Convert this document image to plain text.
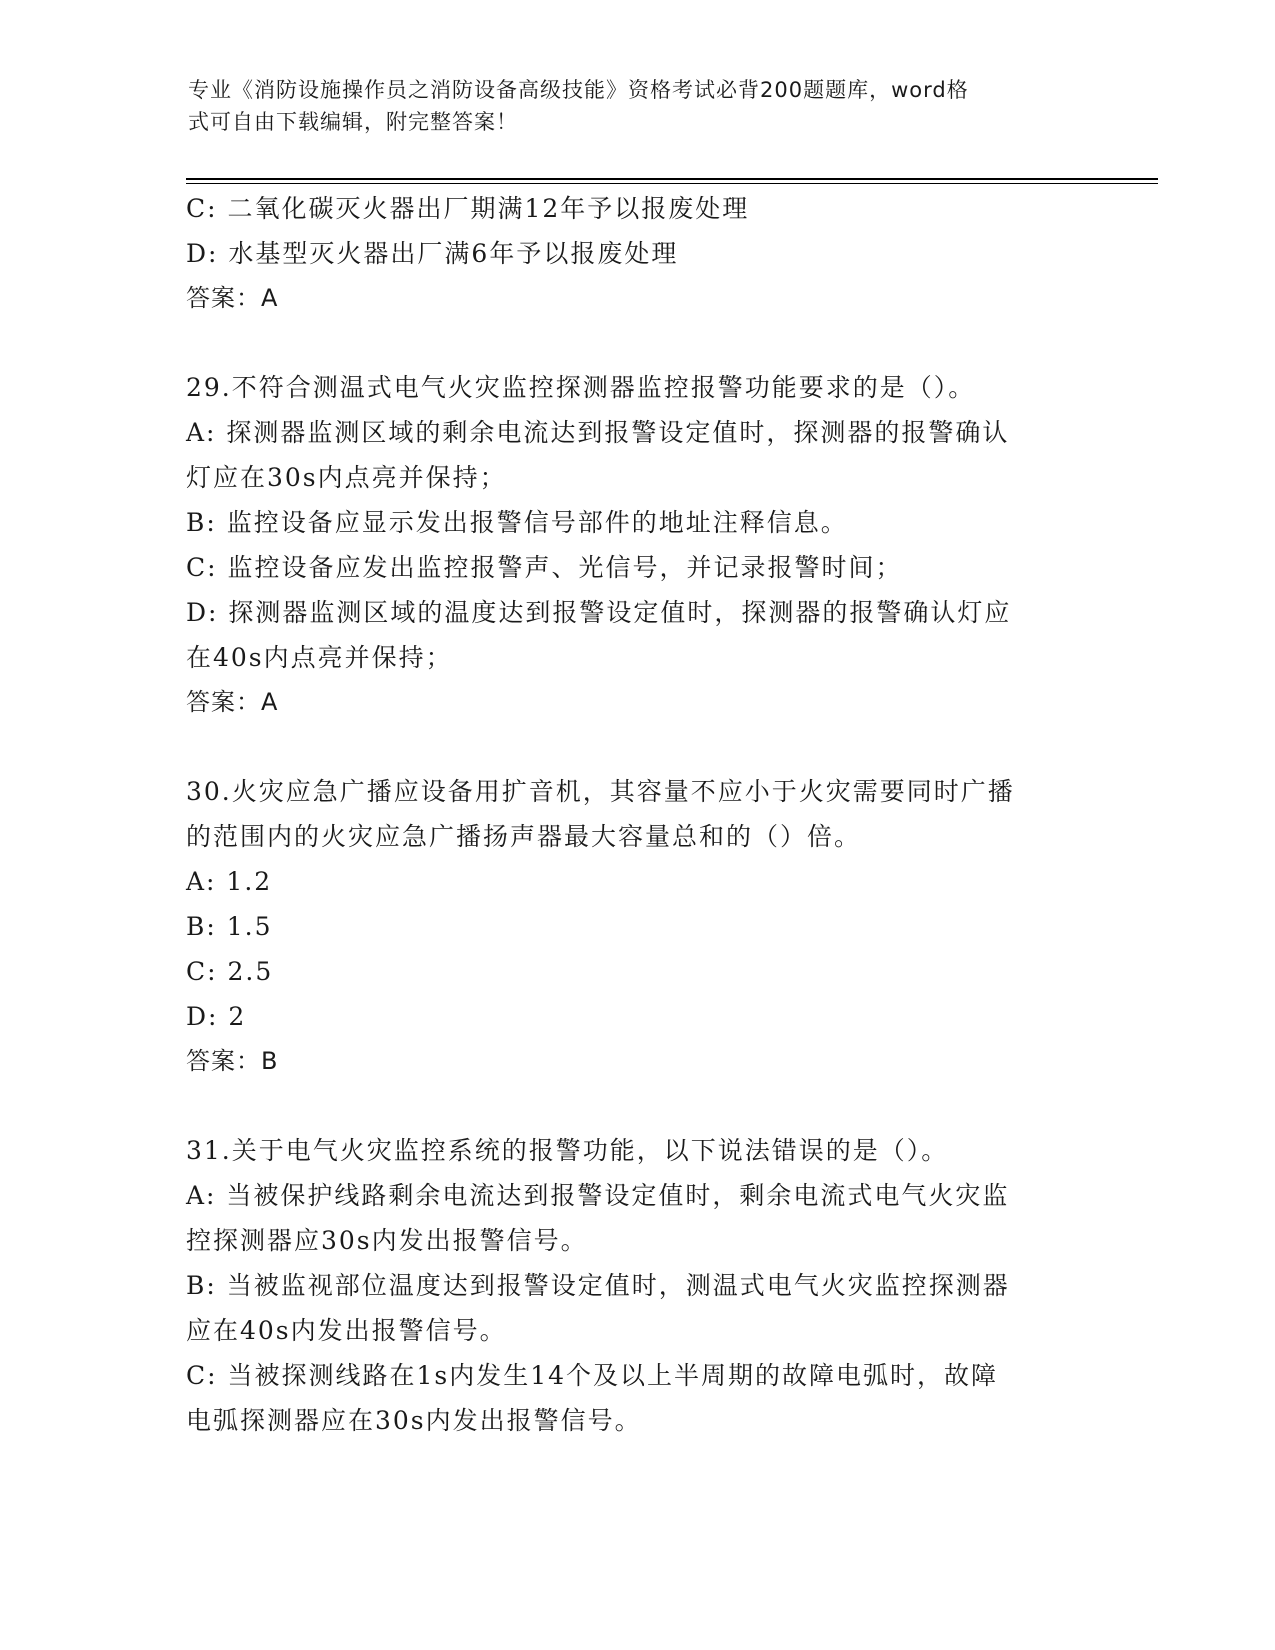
专业《消防设施操作员之消防设备高级技能》资格考试必背200题题库，word格
式可自由下载编辑，附完整答案！
C: 二氧化碳灭火器出厂期满12年予以报废处理
D: 水基型灭火器出厂满6年予以报废处理
答案：A
29.不符合测温式电气火灾监控探测器监控报警功能要求的是（）。
A: 探测器监测区域的剩余电流达到报警设定值时，探测器的报警确认
灯应在30s内点亮并保持；
B: 监控设备应显示发出报警信号部件的地址注释信息。
C: 监控设备应发出监控报警声、光信号，并记录报警时间；
D: 探测器监测区域的温度达到报警设定值时，探测器的报警确认灯应
在40s内点亮并保持；
答案：A
30.火灾应急广播应设备用扩音机，其容量不应小于火灾需要同时广播
的范围内的火灾应急广播扬声器最大容量总和的（）倍。
A: 1.2
B: 1.5
C: 2.5
D: 2
答案：B
31.关于电气火灾监控系统的报警功能，以下说法错误的是（）。
A: 当被保护线路剩余电流达到报警设定值时，剩余电流式电气火灾监
控探测器应30s内发出报警信号。
B: 当被监视部位温度达到报警设定值时，测温式电气火灾监控探测器
应在40s内发出报警信号。
C: 当被探测线路在1s内发生14个及以上半周期的故障电弧时，故障
电弧探测器应在30s内发出报警信号。
